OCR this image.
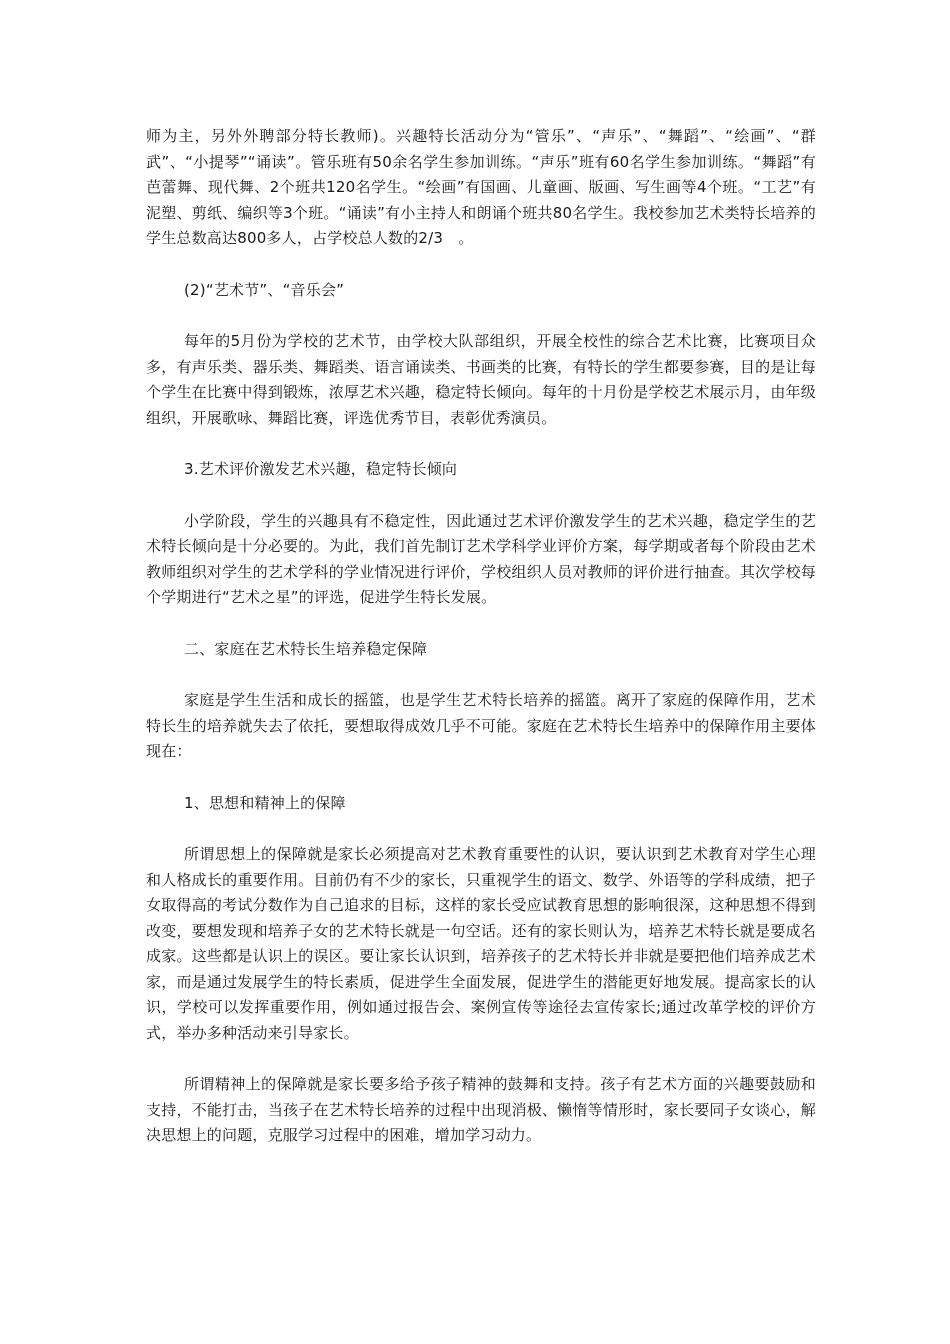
师为主，另外外聘部分特长教师)。兴趣特长活动分为“管乐”、“声乐”、“舞蹈”、“绘画”、“群武”、“小提琴”“诵读”。管乐班有50余名学生参加训练。“声乐”班有60名学生参加训练。“舞蹈”有芭蕾舞、现代舞、2个班共120名学生。“绘画”有国画、儿童画、版画、写生画等4个班。“工艺”有泥塑、剪纸、编织等3个班。“诵读”有小主持人和朗诵个班共80名学生。我校参加艺术类特长培养的学生总数高达800多人，占学校总人数的2/3　。

(2)“艺术节”、“音乐会”

每年的5月份为学校的艺术节，由学校大队部组织，开展全校性的综合艺术比赛，比赛项目众多，有声乐类、器乐类、舞蹈类、语言诵读类、书画类的比赛，有特长的学生都要参赛，目的是让每个学生在比赛中得到锻炼，浓厚艺术兴趣，稳定特长倾向。每年的十月份是学校艺术展示月，由年级组织，开展歌咏、舞蹈比赛，评选优秀节目，表彰优秀演员。

3.艺术评价激发艺术兴趣，稳定特长倾向

小学阶段，学生的兴趣具有不稳定性，因此通过艺术评价激发学生的艺术兴趣，稳定学生的艺术特长倾向是十分必要的。为此，我们首先制订艺术学科学业评价方案，每学期或者每个阶段由艺术教师组织对学生的艺术学科的学业情况进行评价，学校组织人员对教师的评价进行抽查。其次学校每个学期进行“艺术之星”的评选，促进学生特长发展。

二、家庭在艺术特长生培养稳定保障

家庭是学生生活和成长的摇篮，也是学生艺术特长培养的摇篮。离开了家庭的保障作用，艺术特长生的培养就失去了依托，要想取得成效几乎不可能。家庭在艺术特长生培养中的保障作用主要体现在：

1、思想和精神上的保障

所谓思想上的保障就是家长必须提高对艺术教育重要性的认识，要认识到艺术教育对学生心理和人格成长的重要作用。目前仍有不少的家长，只重视学生的语文、数学、外语等的学科成绩，把子女取得高的考试分数作为自己追求的目标，这样的家长受应试教育思想的影响很深，这种思想不得到改变，要想发现和培养子女的艺术特长就是一句空话。还有的家长则认为，培养艺术特长就是要成名成家。这些都是认识上的误区。要让家长认识到，培养孩子的艺术特长并非就是要把他们培养成艺术家，而是通过发展学生的特长素质，促进学生全面发展，促进学生的潜能更好地发展。提高家长的认识，学校可以发挥重要作用，例如通过报告会、案例宣传等途径去宣传家长;通过改革学校的评价方式，举办多种活动来引导家长。

所谓精神上的保障就是家长要多给予孩子精神的鼓舞和支持。孩子有艺术方面的兴趣要鼓励和支持，不能打击，当孩子在艺术特长培养的过程中出现消极、懒惰等情形时，家长要同子女谈心，解决思想上的问题，克服学习过程中的困难，增加学习动力。
